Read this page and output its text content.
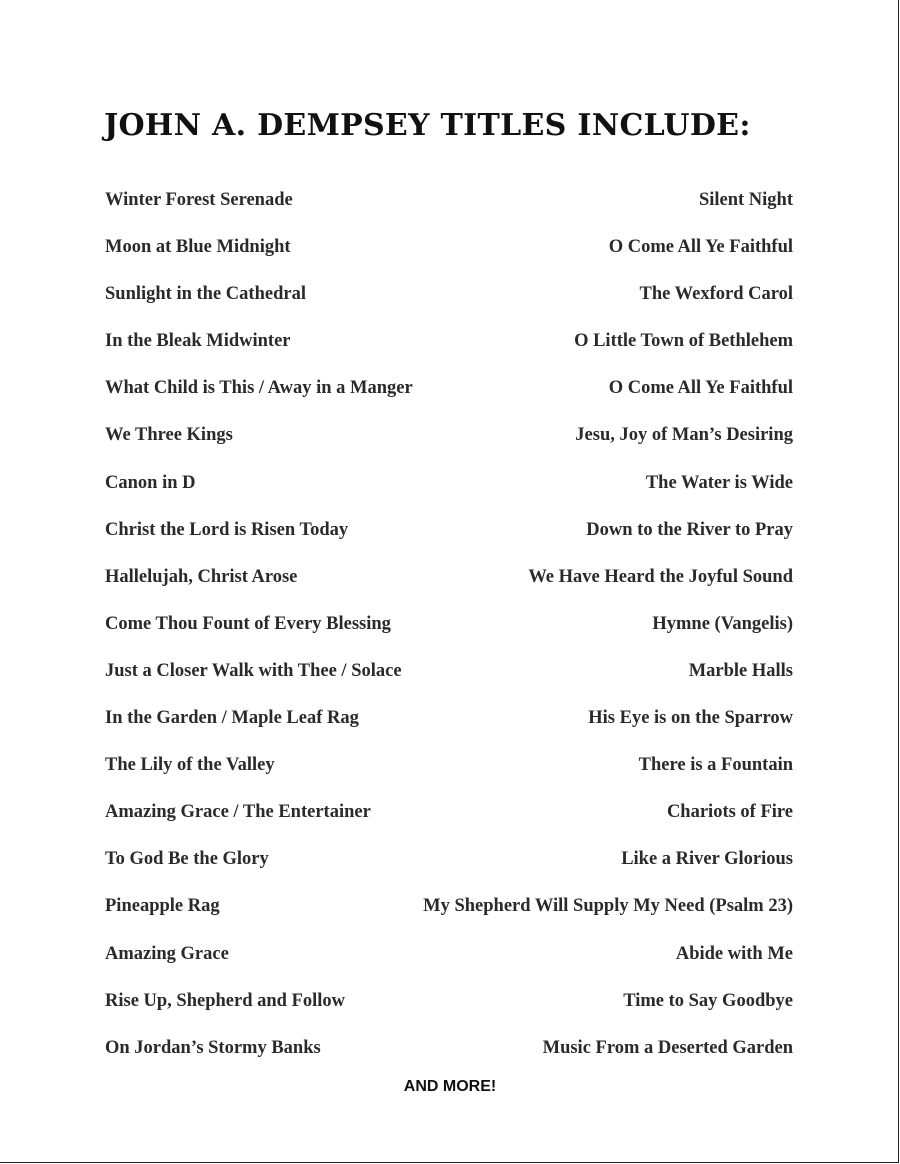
JOHN A. DEMPSEY TITLES INCLUDE:
Winter Forest Serenade	Silent Night
Moon at Blue Midnight	O Come All Ye Faithful
Sunlight in the Cathedral	The Wexford Carol
In the Bleak Midwinter	O Little Town of Bethlehem
What Child is This / Away in a Manger	O Come All Ye Faithful
We Three Kings	Jesu, Joy of Man’s Desiring
Canon in D	The Water is Wide
Christ the Lord is Risen Today	Down to the River to Pray
Hallelujah, Christ Arose	We Have Heard the Joyful Sound
Come Thou Fount of Every Blessing	Hymne (Vangelis)
Just a Closer Walk with Thee / Solace	Marble Halls
In the Garden / Maple Leaf Rag	His Eye is on the Sparrow
The Lily of the Valley	There is a Fountain
Amazing Grace / The Entertainer	Chariots of Fire
To God Be the Glory	Like a River Glorious
Pineapple Rag	My Shepherd Will Supply My Need (Psalm 23)
Amazing Grace	Abide with Me
Rise Up, Shepherd and Follow	Time to Say Goodbye
On Jordan’s Stormy Banks	Music From a Deserted Garden
AND MORE!
